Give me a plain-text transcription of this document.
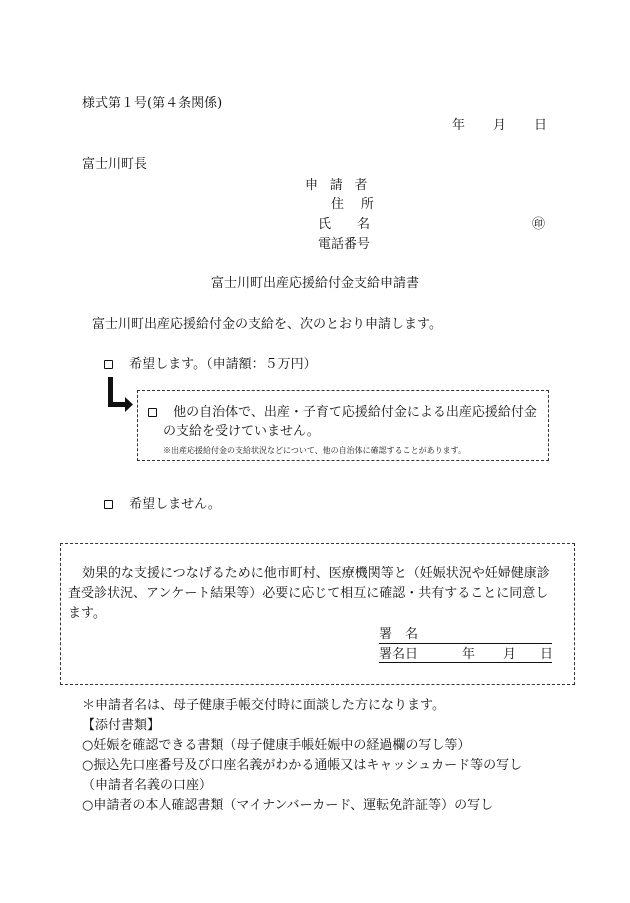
様式第１号(第４条関係)
年 月 日
富士川町長
申請者
住所
氏名	㊞
電話番号
富士川町出産応援給付金支給申請書
富士川町出産応援給付金の支給を、次のとおり申請します。
希望します。（申請額：５万円）
他の自治体で、出産・子育て応援給付金による出産応援給付金
の支給を受けていません。
※出産応援給付金の支給状況などについて、他の自治体に確認することがあります。
希望しません。
効果的な支援につなげるために他市町村、医療機関等と（妊娠状況や妊婦健康診
査受診状況、アンケート結果等）必要に応じて相互に確認・共有することに同意し
ます。
署　名
署名日	年 月 日
＊申請者名は、母子健康手帳交付時に面談した方になります。
【添付書類】
○妊娠を確認できる書類（母子健康手帳妊娠中の経過欄の写し等）
○振込先口座番号及び口座名義がわかる通帳又はキャッシュカード等の写し
（申請者名義の口座）
○申請者の本人確認書類（マイナンバーカード、運転免許証等）の写し
